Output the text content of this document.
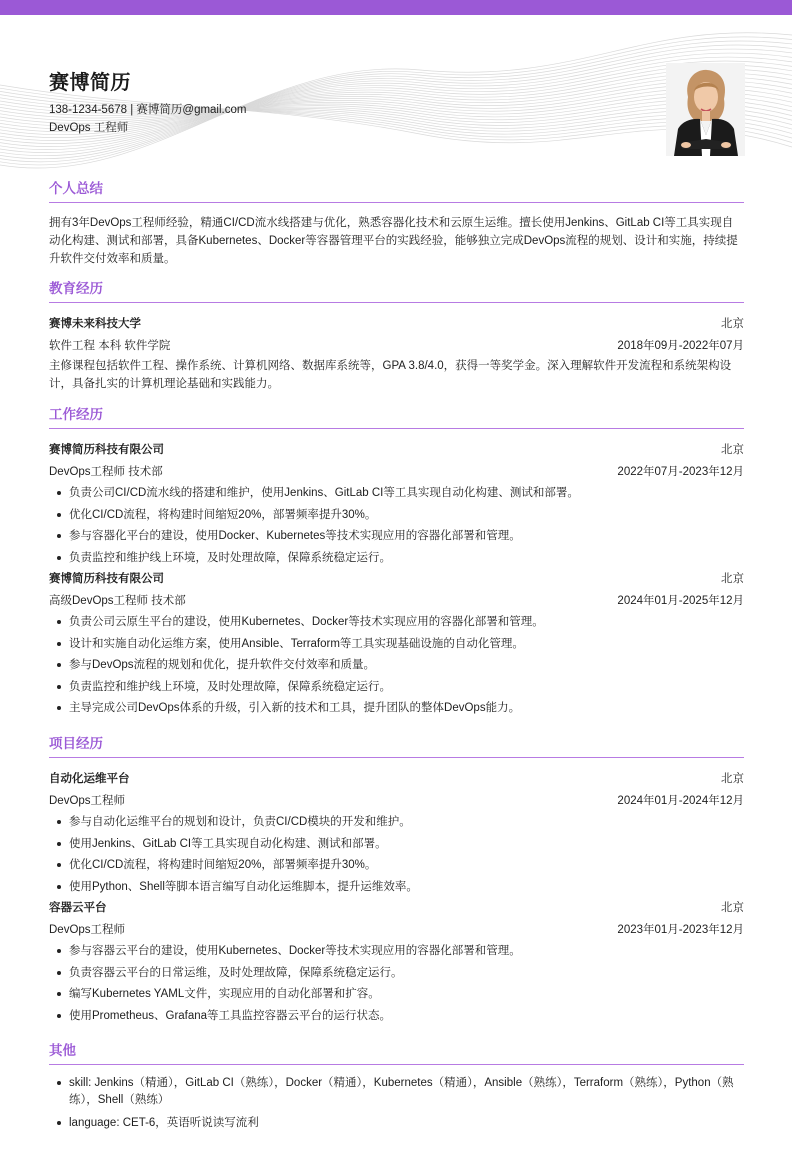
赛博简历
138-1234-5678 | 赛博简历@gmail.com
DevOps 工程师
个人总结
拥有3年DevOps工程师经验，精通CI/CD流水线搭建与优化，熟悉容器化技术和云原生运维。擅长使用Jenkins、GitLab CI等工具实现自动化构建、测试和部署，具备Kubernetes、Docker等容器管理平台的实践经验，能够独立完成DevOps流程的规划、设计和实施，持续提升软件交付效率和质量。
教育经历
赛博未来科技大学	北京
软件工程 本科 软件学院	2018年09月-2022年07月
主修课程包括软件工程、操作系统、计算机网络、数据库系统等，GPA 3.8/4.0，获得一等奖学金。深入理解软件开发流程和系统架构设计，具备扎实的计算机理论基础和实践能力。
工作经历
赛博简历科技有限公司	北京
DevOps工程师 技术部	2022年07月-2023年12月
负责公司CI/CD流水线的搭建和维护，使用Jenkins、GitLab CI等工具实现自动化构建、测试和部署。
优化CI/CD流程，将构建时间缩短20%，部署频率提升30%。
参与容器化平台的建设，使用Docker、Kubernetes等技术实现应用的容器化部署和管理。
负责监控和维护线上环境，及时处理故障，保障系统稳定运行。
赛博简历科技有限公司	北京
高级DevOps工程师 技术部	2024年01月-2025年12月
负责公司云原生平台的建设，使用Kubernetes、Docker等技术实现应用的容器化部署和管理。
设计和实施自动化运维方案，使用Ansible、Terraform等工具实现基础设施的自动化管理。
参与DevOps流程的规划和优化，提升软件交付效率和质量。
负责监控和维护线上环境，及时处理故障，保障系统稳定运行。
主导完成公司DevOps体系的升级，引入新的技术和工具，提升团队的整体DevOps能力。
项目经历
自动化运维平台	北京
DevOps工程师	2024年01月-2024年12月
参与自动化运维平台的规划和设计，负责CI/CD模块的开发和维护。
使用Jenkins、GitLab CI等工具实现自动化构建、测试和部署。
优化CI/CD流程，将构建时间缩短20%，部署频率提升30%。
使用Python、Shell等脚本语言编写自动化运维脚本，提升运维效率。
容器云平台	北京
DevOps工程师	2023年01月-2023年12月
参与容器云平台的建设，使用Kubernetes、Docker等技术实现应用的容器化部署和管理。
负责容器云平台的日常运维，及时处理故障，保障系统稳定运行。
编写Kubernetes YAML文件，实现应用的自动化部署和扩容。
使用Prometheus、Grafana等工具监控容器云平台的运行状态。
其他
skill: Jenkins（精通），GitLab CI（熟练），Docker（精通），Kubernetes（精通），Ansible（熟练），Terraform（熟练），Python（熟练），Shell（熟练）
language: CET-6，英语听说读写流利
